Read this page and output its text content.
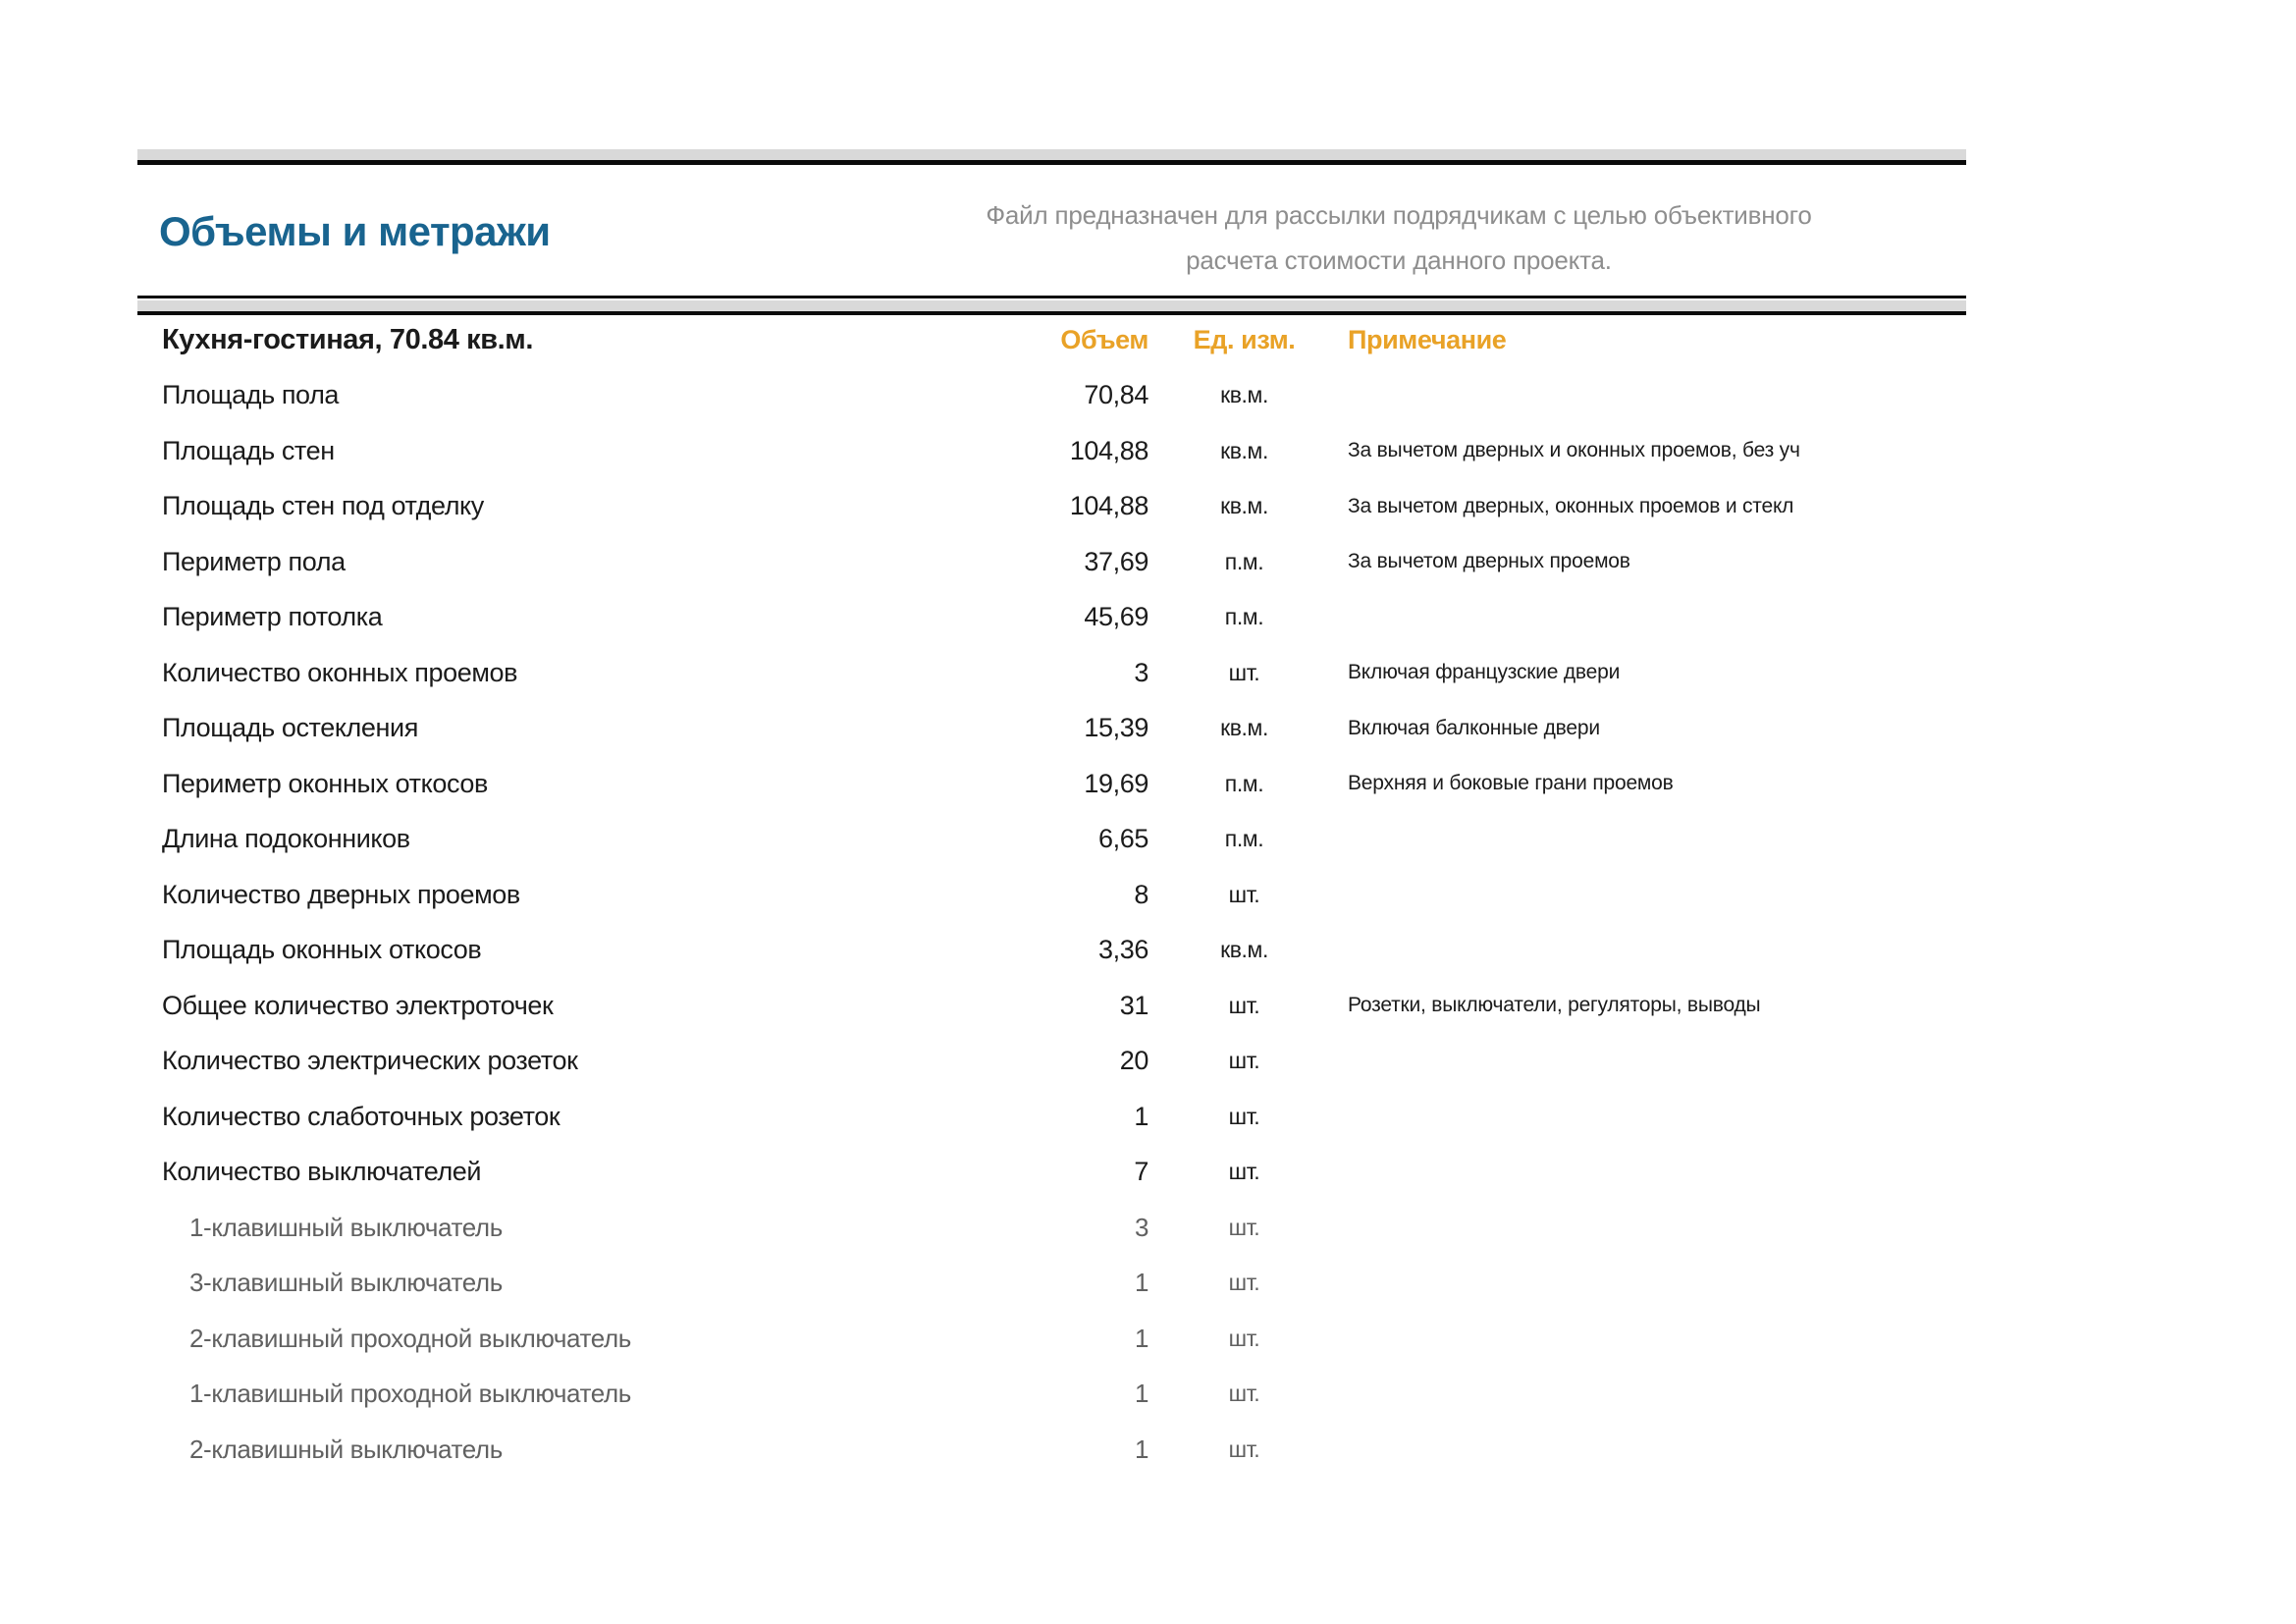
Объемы и метражи	Файл предназначен для рассылки подрядчикам с целью объективного
расчета стоимости данного проекта.
Кухня-гостиная, 70.84 кв.м.	Объем	Ед. изм.	Примечание
Площадь пола	70,84	кв.м.
Площадь стен	104,88	кв.м.	За вычетом дверных и оконных проемов, без уч
Площадь стен под отделку	104,88	кв.м.	За вычетом дверных, оконных проемов и стекл
Периметр пола	37,69	п.м.	За вычетом дверных проемов
Периметр потолка	45,69	п.м.
Количество оконных проемов	3	шт.	Включая французские двери
Площадь остекления	15,39	кв.м.	Включая балконные двери
Периметр оконных откосов	19,69	п.м.	Верхняя и боковые грани проемов
Длина подоконников	6,65	п.м.
Количество дверных проемов	8	шт.
Площадь оконных откосов	3,36	кв.м.
Общее количество электроточек	31	шт.	Розетки, выключатели, регуляторы, выводы
Количество электрических розеток	20	шт.
Количество слаботочных розеток	1	шт.
Количество выключателей	7	шт.
1-клавишный выключатель	3	шт.
3-клавишный выключатель	1	шт.
2-клавишный проходной выключатель	1	шт.
1-клавишный проходной выключатель	1	шт.
2-клавишный выключатель	1	шт.
